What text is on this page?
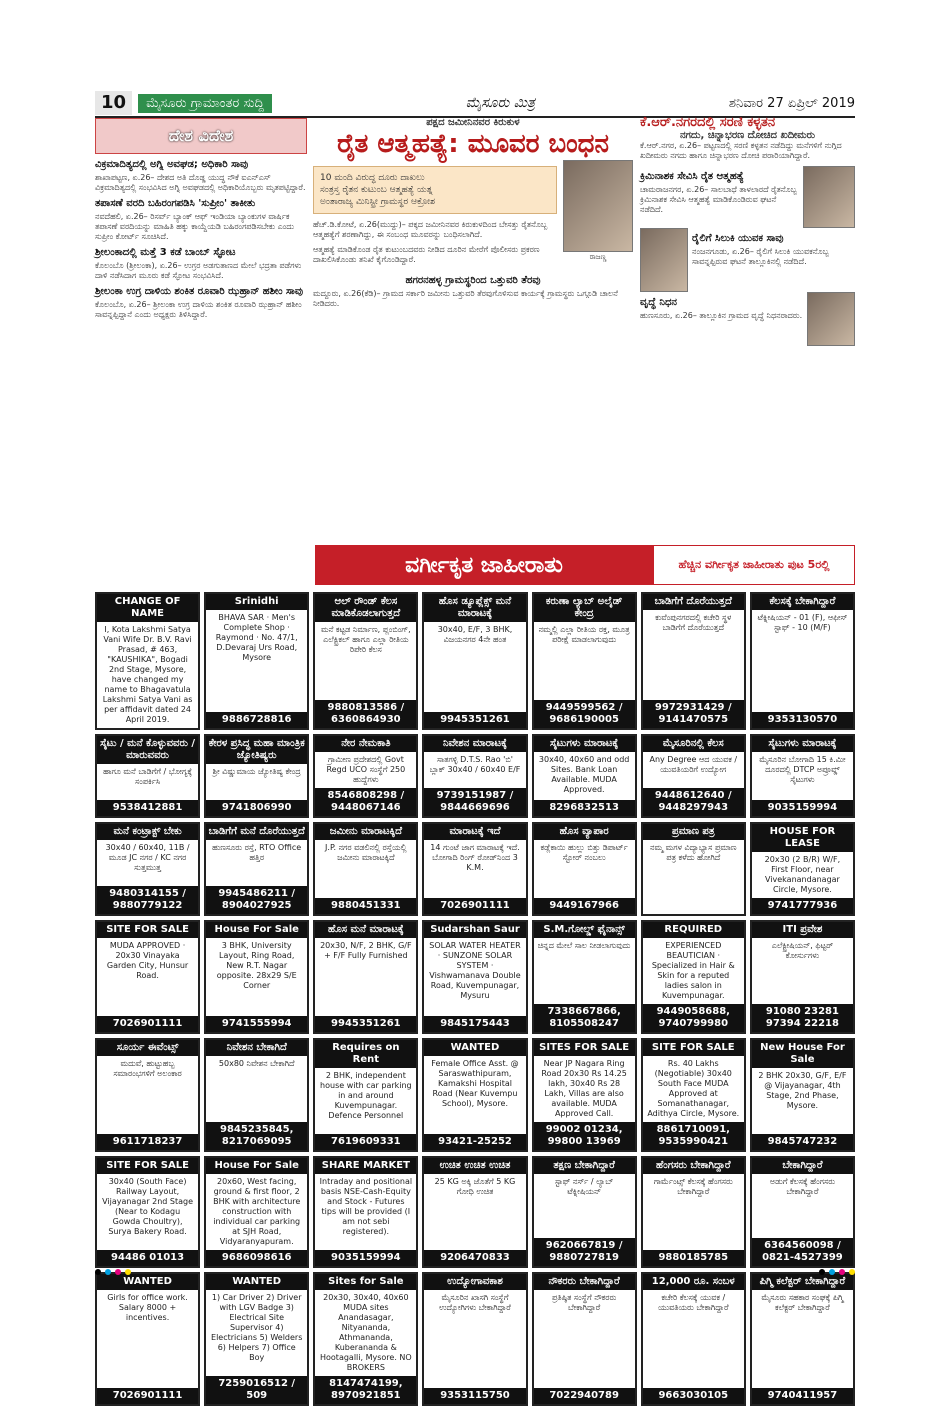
10	ಮೈಸೂರು ಗ್ರಾಮಾಂತರ ಸುದ್ದಿ	ಮೈಸೂರು ಮಿತ್ರ	ಶನಿವಾರ 27 ಏಪ್ರಿಲ್ 2019
ದೇಶ ವಿದೇಶ
ವಿಕ್ರಮಾದಿತ್ಯದಲ್ಲಿ ಅಗ್ನಿ ಅವಘಡ; ಅಧಿಕಾರಿ ಸಾವು

ಶಾಖಾಪಟ್ಟಣ, ಏ.26– ದೇಶದ ಅತಿ ದೊಡ್ಡ ಯುದ್ಧ ನೌಕೆ ಐಎನ್‌ಎಸ್ ವಿಕ್ರಮಾದಿತ್ಯದಲ್ಲಿ ಸಂಭವಿಸಿದ ಅಗ್ನಿ ಅವಘಡದಲ್ಲಿ ಅಧಿಕಾರಿಯೊಬ್ಬರು ಮೃತಪಟ್ಟಿದ್ದಾರೆ.

ತಪಾಸಣೆ ವರದಿ ಬಹಿರಂಗಪಡಿಸಿ 'ಸುಪ್ರೀಂ' ತಾಕೀತು

ನವದೆಹಲಿ, ಏ.26– ರಿಸರ್ವ್ ಬ್ಯಾಂಕ್ ಆಫ್ ಇಂಡಿಯಾ ಬ್ಯಾಂಕುಗಳ ವಾರ್ಷಿಕ ತಪಾಸಣೆ ವರದಿಯನ್ನು ಮಾಹಿತಿ ಹಕ್ಕು ಕಾಯ್ದೆಯಡಿ ಬಹಿರಂಗಪಡಿಸಬೇಕು ಎಂದು ಸುಪ್ರೀಂ ಕೋರ್ಟ್ ಸೂಚಿಸಿದೆ.

ಶ್ರೀಲಂಕಾದಲ್ಲಿ ಮತ್ತೆ 3 ಕಡೆ ಬಾಂಬ್ ಸ್ಫೋಟ

ಕೊಲಂಬೊ (ಶ್ರೀಲಂಕಾ), ಏ.26– ಉಗ್ರರ ಅಡಗುತಾಣದ ಮೇಲೆ ಭದ್ರತಾ ಪಡೆಗಳು ದಾಳಿ ನಡೆಸಿದಾಗ ಮೂರು ಕಡೆ ಸ್ಫೋಟ ಸಂಭವಿಸಿದೆ.

ಶ್ರೀಲಂಕಾ ಉಗ್ರ ದಾಳಿಯ ಶಂಕಿತ ರೂವಾರಿ ಝಹ್ರಾನ್ ಹಶೀಂ ಸಾವು

ಕೊಲಂಬೊ, ಏ.26– ಶ್ರೀಲಂಕಾ ಉಗ್ರ ದಾಳಿಯ ಶಂಕಿತ ರೂವಾರಿ ಝಹ್ರಾನ್ ಹಶೀಂ ಸಾವನ್ನಪ್ಪಿದ್ದಾನೆ ಎಂದು ಅಧ್ಯಕ್ಷರು ತಿಳಿಸಿದ್ದಾರೆ.

ಪಕ್ಷದ ಜಮೀನಿನವರ ಕಿರುಕುಳ
ರೈತ ಆತ್ಮಹತ್ಯೆ: ಮೂವರ ಬಂಧನ
10 ಮಂದಿ ವಿರುದ್ಧ ದೂರು ದಾಖಲು
ಸಂತ್ರಸ್ತ ರೈತನ ಕುಟುಂಬ ಆತ್ಮಹತ್ಯೆ ಯತ್ನ
ಅಂತಾರಾಜ್ಯ ಮಿನಿಸ್ಟ್ರೀ ಗ್ರಾಮಸ್ಥರ ಆಕ್ರೋಶ

ಹೆಚ್.ಡಿ.ಕೋಟೆ, ಏ.26(ಮುದ್ದು)– ಪಕ್ಕದ ಜಮೀನಿನವರ ಕಿರುಕುಳದಿಂದ ಬೇಸತ್ತು ರೈತನೊಬ್ಬ ಆತ್ಮಹತ್ಯೆಗೆ ಶರಣಾಗಿದ್ದು, ಈ ಸಂಬಂಧ ಮೂವರನ್ನು ಬಂಧಿಸಲಾಗಿದೆ.

ಆತ್ಮಹತ್ಯೆ ಮಾಡಿಕೊಂಡ ರೈತ ಕುಟುಂಬದವರು ನೀಡಿದ ದೂರಿನ ಮೇರೆಗೆ ಪೊಲೀಸರು ಪ್ರಕರಣ ದಾಖಲಿಸಿಕೊಂಡು ತನಿಖೆ ಕೈಗೊಂಡಿದ್ದಾರೆ.	ರಾಜಣ್ಣ
ಹಗರನಹಳ್ಳ ಗ್ರಾಮಸ್ಥರಿಂದ ಒತ್ತುವರಿ ತೆರವು

ಮದ್ದೂರು, ಏ.26(ಕೆಡಿ)– ಗ್ರಾಮದ ಸರ್ಕಾರಿ ಜಮೀನು ಒತ್ತುವರಿ ತೆರವುಗೊಳಿಸುವ ಕಾರ್ಯಕ್ಕೆ ಗ್ರಾಮಸ್ಥರು ಒಗ್ಗೂಡಿ ಚಾಲನೆ ನೀಡಿದರು.

ಕೆ.ಆರ್.ನಗರದಲ್ಲಿ ಸರಣಿ ಕಳ್ಳತನ
ನಗದು, ಚಿನ್ನಾಭರಣ ದೋಚಿದ ಖದೀಮರು

ಕೆ.ಆರ್.ನಗರ, ಏ.26– ಪಟ್ಟಣದಲ್ಲಿ ಸರಣಿ ಕಳ್ಳತನ ನಡೆದಿದ್ದು ಮನೆಗಳಿಗೆ ನುಗ್ಗಿದ ಖದೀಮರು ನಗದು ಹಾಗೂ ಚಿನ್ನಾಭರಣ ದೋಚಿ ಪರಾರಿಯಾಗಿದ್ದಾರೆ.

ಕ್ರಿಮಿನಾಶಕ ಸೇವಿಸಿ ರೈತ ಆತ್ಮಹತ್ಯೆ

ಚಾಮರಾಜನಗರ, ಏ.26– ಸಾಲಬಾಧೆ ತಾಳಲಾರದೆ ರೈತನೊಬ್ಬ ಕ್ರಿಮಿನಾಶಕ ಸೇವಿಸಿ ಆತ್ಮಹತ್ಯೆ ಮಾಡಿಕೊಂಡಿರುವ ಘಟನೆ ನಡೆದಿದೆ.

ರೈಲಿಗೆ ಸಿಲುಕಿ ಯುವಕ ಸಾವು

ನಂಜನಗೂಡು, ಏ.26– ರೈಲಿಗೆ ಸಿಲುಕಿ ಯುವಕನೊಬ್ಬ ಸಾವನ್ನಪ್ಪಿರುವ ಘಟನೆ ತಾಲ್ಲೂಕಿನಲ್ಲಿ ನಡೆದಿದೆ.

ವೃದ್ಧೆ ನಿಧನ

ಹುಣಸೂರು, ಏ.26– ತಾಲ್ಲೂಕಿನ ಗ್ರಾಮದ ವೃದ್ಧೆ ನಿಧನರಾದರು.

ವರ್ಗೀಕೃತ ಜಾಹೀರಾತು	ಹೆಚ್ಚಿನ ವರ್ಗೀಕೃತ ಜಾಹೀರಾತು ಪುಟ 5ರಲ್ಲಿ
CHANGE OF NAME
I, Kota Lakshmi Satya Vani Wife Dr. B.V. Ravi Prasad, # 463, "KAUSHIKA", Bogadi 2nd Stage, Mysore, have changed my name to Bhagavatula Lakshmi Satya Vani as per affidavit dated 24 April 2019.
Srinidhi
BHAVA SAR · Men's Complete Shop · Raymond · No. 47/1, D.Devaraj Urs Road, Mysore
9886728816
ಆಲ್ ರೌಂಡ್ ಕೆಲಸ ಮಾಡಿಕೊಡಲಾಗುತ್ತದೆ
ಮನೆ ಕಟ್ಟಡ ನಿರ್ಮಾಣ, ಪ್ಲಂಬಿಂಗ್, ಎಲೆಕ್ಟ್ರಿಕಲ್ ಹಾಗೂ ಎಲ್ಲಾ ರೀತಿಯ ರಿಪೇರಿ ಕೆಲಸ
9880813586 / 6360864930
ಹೊಸ ಡ್ಯೂಪ್ಲೆಕ್ಸ್ ಮನೆ ಮಾರಾಟಕ್ಕೆ
30x40, E/F, 3 BHK, ವಿಜಯನಗರ 4ನೇ ಹಂತ
9945351261
ಕರುಣಾ ಲ್ಯಾಬ್ ಅಲೈಡ್ ಕೇಂದ್ರ
ನಮ್ಮಲ್ಲಿ ಎಲ್ಲಾ ರೀತಿಯ ರಕ್ತ, ಮೂತ್ರ ಪರೀಕ್ಷೆ ಮಾಡಲಾಗುವುದು
9449599562 / 9686190005
ಬಾಡಿಗೆಗೆ ದೊರೆಯುತ್ತದೆ
ಕುವೆಂಪುನಗರದಲ್ಲಿ ಕಚೇರಿ ಸ್ಥಳ ಬಾಡಿಗೆಗೆ ದೊರೆಯುತ್ತದೆ
9972931429 / 9141470575
ಕೆಲಸಕ್ಕೆ ಬೇಕಾಗಿದ್ದಾರೆ
ಟೆಕ್ನೀಷಿಯನ್ - 01 (F), ಆಫೀಸ್ ಸ್ಟಾಫ್ - 10 (M/F)
9353130570
ಸೈಟು / ಮನೆ ಕೊಳ್ಳುವವರು / ಮಾರುವವರು
ಹಾಗೂ ಮನೆ ಬಾಡಿಗೆಗೆ / ಭೋಗ್ಯಕ್ಕೆ ಸಂಪರ್ಕಿಸಿ
9538412881
ಕೇರಳ ಪ್ರಸಿದ್ಧ ಮಹಾ ಮಾಂತ್ರಿಕ ಜ್ಯೋತಿಷ್ಯರು
ಶ್ರೀ ವಿಷ್ಣುಮಾಯ ಜ್ಯೋತಿಷ್ಯ ಕೇಂದ್ರ
9741806990
ನೇರ ನೇಮಕಾತಿ
ಗ್ರಾಮೀಣ ಪ್ರದೇಶದಲ್ಲಿ Govt Regd UCO ಸಂಸ್ಥೆಗೆ 250 ಹುದ್ದೆಗಳು
8546808298 / 9448067146
ನಿವೇಶನ ಮಾರಾಟಕ್ಕೆ
ಸಾತಗಳ್ಳಿ D.T.S. Rao 'ಬಿ' ಬ್ಲಾಕ್ 30x40 / 60x40 E/F
9739151987 / 9844669696
ಸೈಟುಗಳು ಮಾರಾಟಕ್ಕೆ
30x40, 40x60 and odd Sites. Bank Loan Available. MUDA Approved.
8296832513
ಮೈಸೂರಿನಲ್ಲಿ ಕೆಲಸ
Any Degree ಆದ ಯುವಕ / ಯುವತಿಯರಿಗೆ ಉದ್ಯೋಗ
9448612640 / 9448297943
ಸೈಟುಗಳು ಮಾರಾಟಕ್ಕೆ
ಮೈಸೂರಿನ ಬೋಗಾದಿ 15 ಕಿ.ಮೀ ದೂರದಲ್ಲಿ DTCP ಅಪ್ರೂವ್ಡ್ ಸೈಟುಗಳು
9035159994
ಮನೆ ಕಂಟ್ರಾಕ್ಟ್ ಬೇಕು
30x40 / 60x40, 11B / ಮೂಡ JC ನಗರ / KC ನಗರ ಸುತ್ತಮುತ್ತ
9480314155 / 9880779122
ಬಾಡಿಗೆಗೆ ಮನೆ ದೊರೆಯುತ್ತದೆ
ಹುಣಸೂರು ರಸ್ತೆ, RTO Office ಹತ್ತಿರ
9945486211 / 8904027925
ಜಮೀನು ಮಾರಾಟಕ್ಕಿದೆ
J.P. ನಗರ ವಡಲಿನಲ್ಲಿ ರಸ್ತೆಯಲ್ಲಿ ಜಮೀನು ಮಾರಾಟಕ್ಕಿದೆ
9880451331
ಮಾರಾಟಕ್ಕೆ ಇದೆ
14 ಗುಂಟೆ ಜಾಗ ಮಾರಾಟಕ್ಕೆ ಇದೆ. ಬೋಗಾದಿ ರಿಂಗ್ ರೋಡ್‌ನಿಂದ 3 K.M.
7026901111
ಹೊಸ ವ್ಯಾಪಾರ
ಕಡ್ಲೆಕಾಯಿ ಹುಲ್ಲು ಬಿತ್ತು ಡಿಪಾರ್ಟ್ ಸ್ಟೋರ್ ನಂಬಲು
9449167966
ಪ್ರಮಾಣ ಪತ್ರ
ನಮ್ಮ ಮಗಳ ವಿದ್ಯಾಭ್ಯಾಸ ಪ್ರಮಾಣ ಪತ್ರ ಕಳೆದು ಹೋಗಿದೆ
HOUSE FOR LEASE
20x30 (2 B/R) W/F, First Floor, near Vivekanandanagar Circle, Mysore.
9741777936
SITE FOR SALE
MUDA APPROVED · 20x30 Vinayaka Garden City, Hunsur Road.
7026901111
House For Sale
3 BHK, University Layout, Ring Road, New R.T. Nagar opposite. 28x29 S/E Corner
9741555994
ಹೊಸ ಮನೆ ಮಾರಾಟಕ್ಕೆ
20x30, N/F, 2 BHK, G/F + F/F Fully Furnished
9945351261
Sudarshan Saur
SOLAR WATER HEATER · SUNZONE SOLAR SYSTEM · Vishwamanava Double Road, Kuvempunagar, Mysuru
9845175443
S.M.ಗೋಲ್ಡ್ ಫೈನಾನ್ಸ್
ಚಿನ್ನದ ಮೇಲೆ ಸಾಲ ನೀಡಲಾಗುವುದು
7338667866, 8105508247
REQUIRED
EXPERIENCED BEAUTICIAN · Specialized in Hair & Skin for a reputed ladies salon in Kuvempunagar.
9449058688, 9740799980
ITI ಪ್ರವೇಶ
ಎಲೆಕ್ಟ್ರೀಷಿಯನ್, ಫಿಟ್ಟರ್ ಕೋರ್ಸುಗಳು
91080 23281 97394 22218
ಸೂರ್ಯ ಈವೆಂಟ್ಸ್
ಮದುವೆ, ಹುಟ್ಟುಹಬ್ಬ ಸಮಾರಂಭಗಳಿಗೆ ಅಲಂಕಾರ
9611718237
ನಿವೇಶನ ಬೇಕಾಗಿದೆ
50x80 ನಿವೇಶನ ಬೇಕಾಗಿದೆ
9845235845, 8217069095
Requires on Rent
2 BHK, independent house with car parking in and around Kuvempunagar. Defence Personnel
7619609331
WANTED
Female Office Asst. @ Saraswathipuram, Kamakshi Hospital Road (Near Kuvempu School), Mysore.
93421-25252
SITES FOR SALE
Near JP Nagara Ring Road 20x30 Rs 14.25 lakh, 30x40 Rs 28 Lakh, Villas are also available. MUDA Approved Call.
99002 01234, 99800 13969
SITE FOR SALE
Rs. 40 Lakhs (Negotiable) 30x40 South Face MUDA Approved at Somanathanagar, Adithya Circle, Mysore.
8861710091, 9535990421
New House For Sale
2 BHK 20x30, G/F, E/F @ Vijayanagar, 4th Stage, 2nd Phase, Mysore.
9845747232
SITE FOR SALE
30x40 (South Face) Railway Layout, Vijayanagar 2nd Stage (Near to Kodagu Gowda Choultry), Surya Bakery Road.
94486 01013
House For Sale
20x60, West facing, ground & first floor, 2 BHK with architecture construction with individual car parking at SJH Road, Vidyaranyapuram.
9686098616
SHARE MARKET
Intraday and positional basis NSE-Cash-Equity and Stock - Futures tips will be provided (I am not sebi registered).
9035159994
ಉಚಿತ ಉಚಿತ ಉಚಿತ
25 KG ಅಕ್ಕಿ ಜೊತೆಗೆ 5 KG ಗೋಧಿ ಉಚಿತ
9206470833
ತಕ್ಷಣ ಬೇಕಾಗಿದ್ದಾರೆ
ಸ್ಟಾಫ್ ನರ್ಸ್ / ಲ್ಯಾಬ್ ಟೆಕ್ನೀಷಿಯನ್
9620667819 / 9880727819
ಹೆಂಗಸರು ಬೇಕಾಗಿದ್ದಾರೆ
ಗಾರ್ಮೆಂಟ್ಸ್ ಕೆಲಸಕ್ಕೆ ಹೆಂಗಸರು ಬೇಕಾಗಿದ್ದಾರೆ
9880185785
ಬೇಕಾಗಿದ್ದಾರೆ
ಅಡುಗೆ ಕೆಲಸಕ್ಕೆ ಹೆಂಗಸರು ಬೇಕಾಗಿದ್ದಾರೆ
6364560098 / 0821-4527399
WANTED
Girls for office work. Salary 8000 + incentives.
7026901111
WANTED
1) Car Driver 2) Driver with LGV Badge 3) Electrical Site Supervisor 4) Electricians 5) Welders 6) Helpers 7) Office Boy
7259016512 / 509
Sites for Sale
20x30, 30x40, 40x60 MUDA sites Anandasagar, Nityananda, Athmananda, Kuberananda & Hootagalli, Mysore. NO BROKERS
8147474199, 8970921851
ಉದ್ಯೋಗಾವಕಾಶ
ಮೈಸೂರಿನ ಖಾಸಗಿ ಸಂಸ್ಥೆಗೆ ಉದ್ಯೋಗಿಗಳು ಬೇಕಾಗಿದ್ದಾರೆ
9353115750
ನೌಕರರು ಬೇಕಾಗಿದ್ದಾರೆ
ಪ್ರತಿಷ್ಠಿತ ಸಂಸ್ಥೆಗೆ ನೌಕರರು ಬೇಕಾಗಿದ್ದಾರೆ
7022940789
12,000 ರೂ. ಸಂಬಳ
ಕಚೇರಿ ಕೆಲಸಕ್ಕೆ ಯುವಕ / ಯುವತಿಯರು ಬೇಕಾಗಿದ್ದಾರೆ
9663030105
ಪಿಗ್ಮಿ ಕಲೆಕ್ಟರ್ ಬೇಕಾಗಿದ್ದಾರೆ
ಮೈಸೂರು ಸಹಕಾರ ಸಂಘಕ್ಕೆ ಪಿಗ್ಮಿ ಕಲೆಕ್ಟರ್ ಬೇಕಾಗಿದ್ದಾರೆ
9740411957
